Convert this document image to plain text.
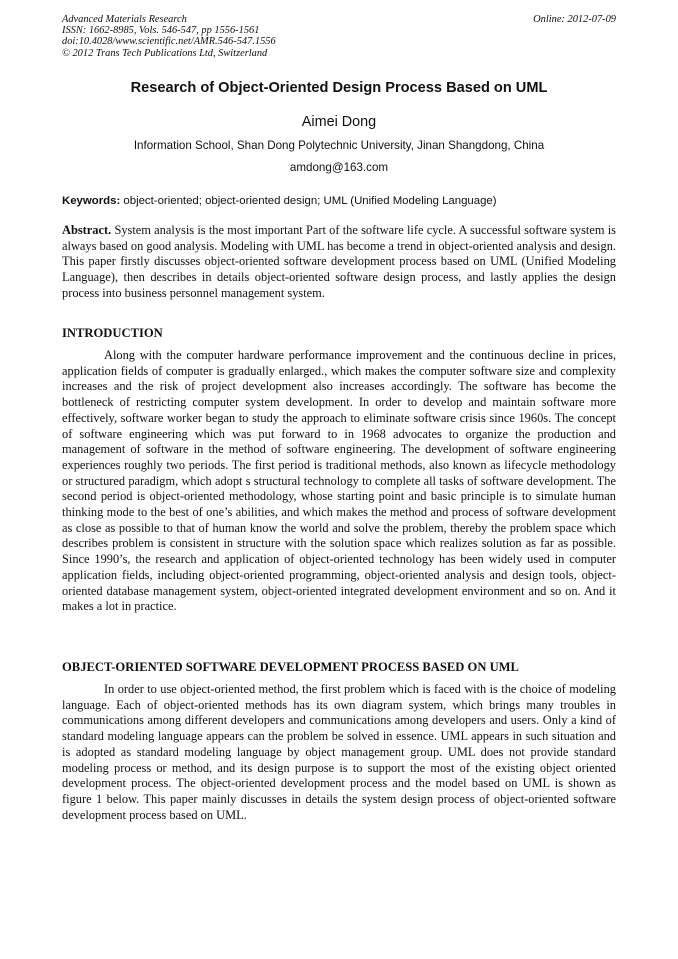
Advanced Materials Research
ISSN: 1662-8985, Vols. 546-547, pp 1556-1561
doi:10.4028/www.scientific.net/AMR.546-547.1556
© 2012 Trans Tech Publications Ltd, Switzerland
Online: 2012-07-09
Research of Object-Oriented Design Process Based on UML
Aimei Dong
Information School, Shan Dong Polytechnic University, Jinan Shangdong, China
amdong@163.com
Keywords: object-oriented; object-oriented design; UML (Unified Modeling Language)
Abstract. System analysis is the most important Part of the software life cycle. A successful software system is always based on good analysis. Modeling with UML has become a trend in object-oriented analysis and design. This paper firstly discusses object-oriented software development process based on UML (Unified Modeling Language), then describes in details object-oriented software design process, and lastly applies the design process into business personnel management system.
INTRODUCTION
Along with the computer hardware performance improvement and the continuous decline in prices, application fields of computer is gradually enlarged., which makes the computer software size and complexity increases and the risk of project development also increases accordingly. The software has become the bottleneck of restricting computer system development. In order to develop and maintain software more effectively, software worker began to study the approach to eliminate software crisis since 1960s. The concept of software engineering which was put forward to in 1968 advocates to organize the production and management of software in the method of software engineering. The development of software engineering experiences roughly two periods. The first period is traditional methods, also known as lifecycle methodology or structured paradigm, which adopt s structural technology to complete all tasks of software development. The second period is object-oriented methodology, whose starting point and basic principle is to simulate human thinking mode to the best of one’s abilities, and which makes the method and process of software development as close as possible to that of human know the world and solve the problem, thereby the problem space which describes problem is consistent in structure with the solution space which realizes solution as far as possible. Since 1990’s, the research and application of object-oriented technology has been widely used in computer application fields, including object-oriented programming, object-oriented analysis and design tools, object-oriented database management system, object-oriented integrated development environment and so on. And it makes a lot in practice.
OBJECT-ORIENTED SOFTWARE DEVELOPMENT PROCESS BASED ON UML
In order to use object-oriented method, the first problem which is faced with is the choice of modeling language. Each of object-oriented methods has its own diagram system, which brings many troubles in communications among different developers and communications among developers and users. Only a kind of standard modeling language appears can the problem be solved in essence. UML appears in such situation and is adopted as standard modeling language by object management group. UML does not provide standard modeling process or method, and its design purpose is to support the most of the existing object oriented development process. The object-oriented development process and the model based on UML is shown as figure 1 below. This paper mainly discusses in details the system design process of object-oriented software development process based on UML.
